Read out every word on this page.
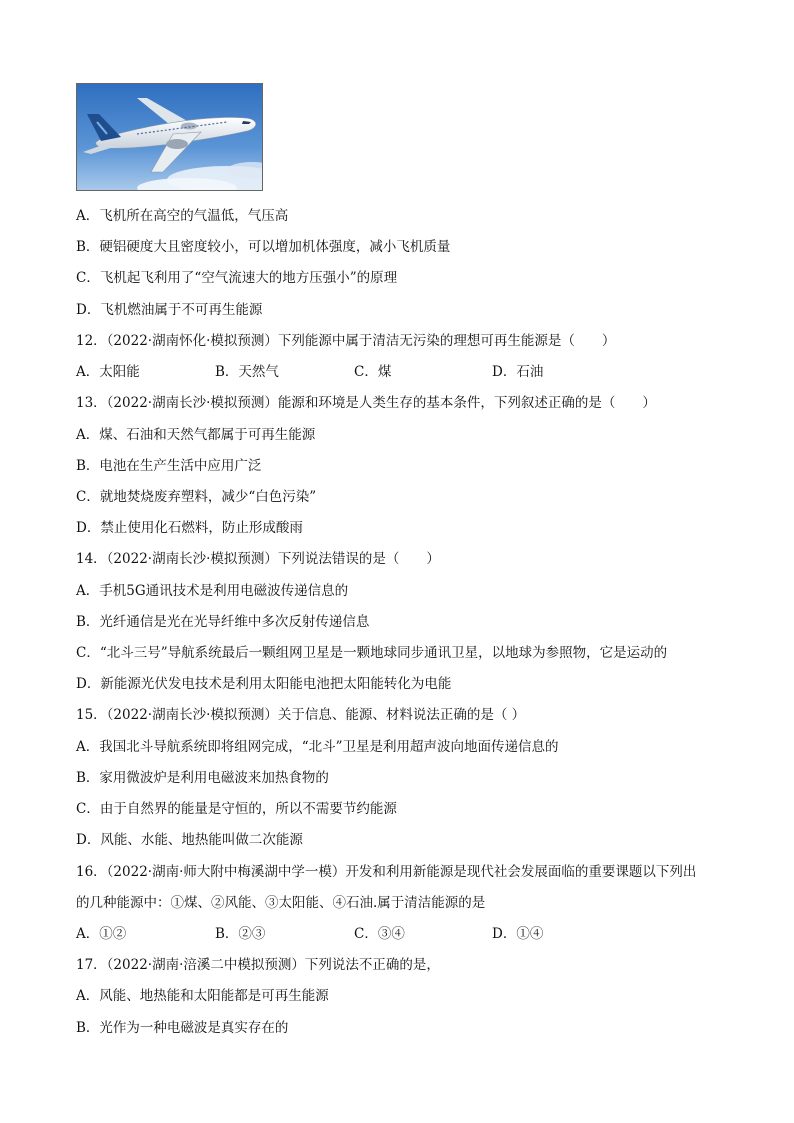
A．飞机所在高空的气温低，气压高
B．硬铝硬度大且密度较小，可以增加机体强度，减小飞机质量
C．飞机起飞利用了“空气流速大的地方压强小”的原理
D．飞机燃油属于不可再生能源
12．（2022·湖南怀化·模拟预测）下列能源中属于清洁无污染的理想可再生能源是（　　）
A．太阳能	B．天然气	C．煤	D．石油
13．（2022·湖南长沙·模拟预测）能源和环境是人类生存的基本条件，下列叙述正确的是（　　）
A．煤、石油和天然气都属于可再生能源
B．电池在生产生活中应用广泛
C．就地焚烧废弃塑料，减少“白色污染”
D．禁止使用化石燃料，防止形成酸雨
14．（2022·湖南长沙·模拟预测）下列说法错误的是（　　）
A．手机5G通讯技术是利用电磁波传递信息的
B．光纤通信是光在光导纤维中多次反射传递信息
C．“北斗三号”导航系统最后一颗组网卫星是一颗地球同步通讯卫星，以地球为参照物，它是运动的
D．新能源光伏发电技术是利用太阳能电池把太阳能转化为电能
15．（2022·湖南长沙·模拟预测）关于信息、能源、材料说法正确的是（ ）
A．我国北斗导航系统即将组网完成，“北斗”卫星是利用超声波向地面传递信息的
B．家用微波炉是利用电磁波来加热食物的
C．由于自然界的能量是守恒的，所以不需要节约能源
D．风能、水能、地热能叫做二次能源
16．（2022·湖南·师大附中梅溪湖中学一模）开发和利用新能源是现代社会发展面临的重要课题以下列出
的几种能源中：①煤、②风能、③太阳能、④石油.属于清洁能源的是
A．①②	B．②③	C．③④	D．①④
17．（2022·湖南·涪溪二中模拟预测）下列说法不正确的是，
A．风能、地热能和太阳能都是可再生能源
B．光作为一种电磁波是真实存在的
